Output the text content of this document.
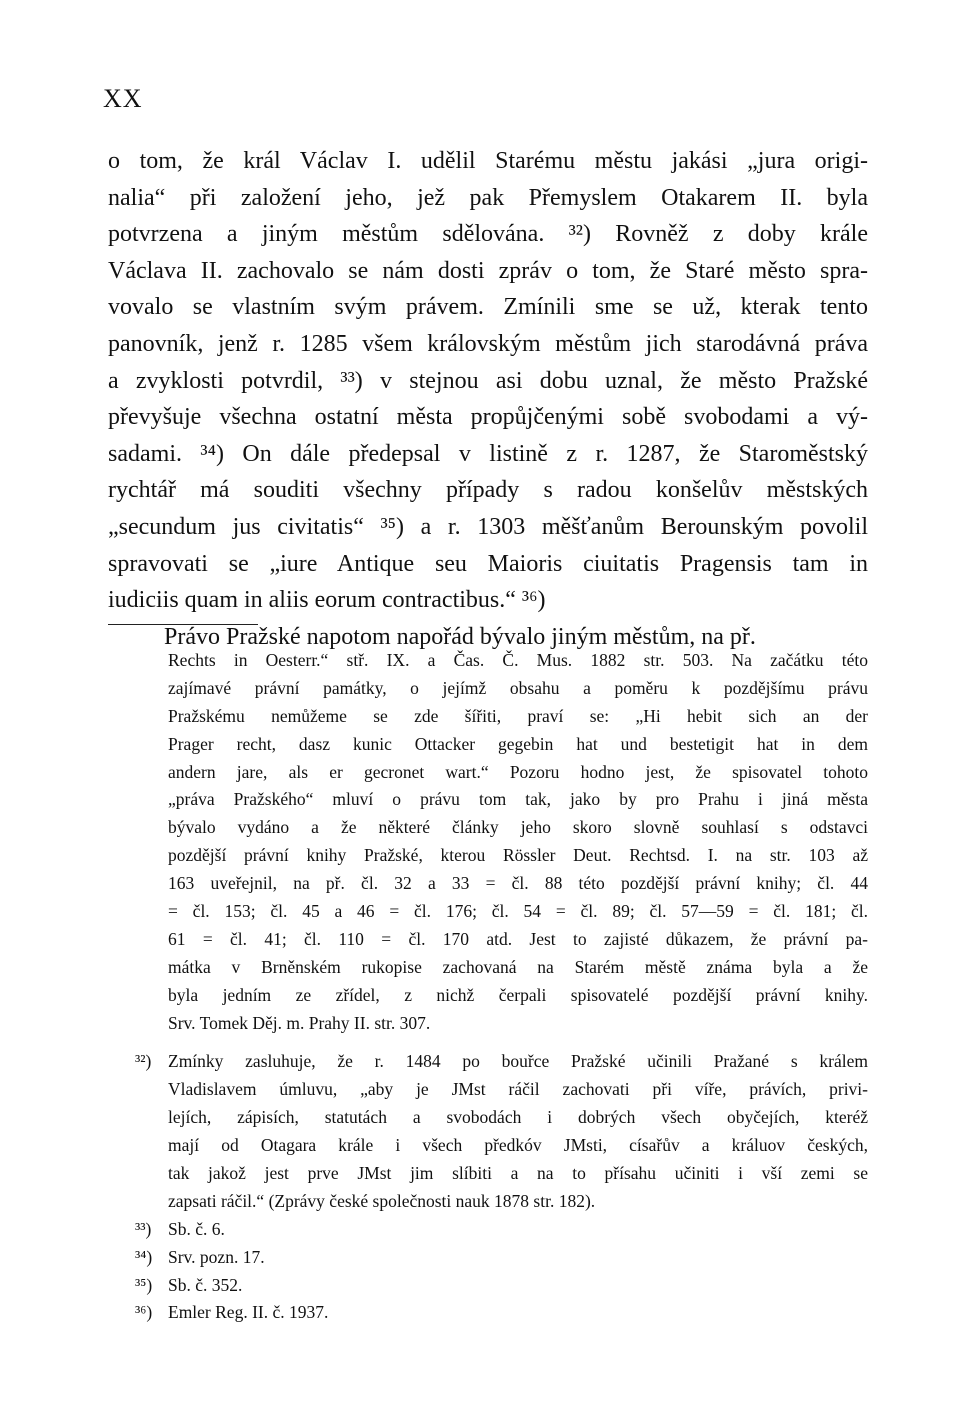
XX
o tom, že král Václav I. udělil Starému městu jakási „jura origi-
nalia“ při založení jeho, jež pak Přemyslem Otakarem II. byla
potvrzena a jiným městům sdělována. ³²) Rovněž z doby krále
Václava II. zachovalo se nám dosti zpráv o tom, že Staré město spra-
vovalo se vlastním svým právem. Zmínili sme se už, kterak tento
panovník, jenž r. 1285 všem královským městům jich starodávná práva
a zvyklosti potvrdil, ³³) v stejnou asi dobu uznal, že město Pražské
převyšuje všechna ostatní města propůjčenými sobě svobodami a vý-
sadami. ³⁴) On dále předepsal v listině z r. 1287, že Staroměstský
rychtář má souditi všechny případy s radou konšelův městských
„secundum jus civitatis“ ³⁵) a r. 1303 měšťanům Berounským povolil
spravovati se „iure Antique seu Maioris ciuitatis Pragensis tam in
iudiciis quam in aliis eorum contractibus.“ ³⁶)
Právo Pražské napotom napořád bývalo jiným městům, na př.
Rechts in Oesterr.“ stř. IX. a Čas. Č. Mus. 1882 str. 503. Na začátku této
zajímavé právní památky, o jejímž obsahu a poměru k pozdějšímu právu
Pražskému nemůžeme se zde šířiti, praví se: „Hi hebit sich an der
Prager recht, dasz kunic Ottacker gegebin hat und bestetigit hat in dem
andern jare, als er gecronet wart.“ Pozoru hodno jest, že spisovatel tohoto
„práva Pražského“ mluví o právu tom tak, jako by pro Prahu i jiná města
bývalo vydáno a že některé články jeho skoro slovně souhlasí s odstavci
pozdější právní knihy Pražské, kterou Rössler Deut. Rechtsd. I. na str. 103 až
163 uveřejnil, na př. čl. 32 a 33 = čl. 88 této pozdější právní knihy; čl. 44
= čl. 153; čl. 45 a 46 = čl. 176; čl. 54 = čl. 89; čl. 57—59 = čl. 181; čl.
61 = čl. 41; čl. 110 = čl. 170 atd. Jest to zajisté důkazem, že právní pa-
mátka v Brněnském rukopise zachovaná na Starém městě známa byla a že
byla jedním ze zřídel, z nichž čerpali spisovatelé pozdější právní knihy.
Srv. Tomek Děj. m. Prahy II. str. 307.
³²) Zmínky zasluhuje, že r. 1484 po bouřce Pražské učinili Pražané s králem
Vladislavem úmluvu, „aby je JMst ráčil zachovati při víře, právích, privi-
lejích, zápisích, statutách a svobodách i dobrých všech obyčejích, kteréž
mají od Otagara krále i všech předkóv JMsti, císařův a králuov českých,
tak jakož jest prve JMst jim slíbiti a na to přísahu učiniti i vší zemi se
zapsati ráčil.“ (Zprávy české společnosti nauk 1878 str. 182).
³³) Sb. č. 6.
³⁴) Srv. pozn. 17.
³⁵) Sb. č. 352.
³⁶) Emler Reg. II. č. 1937.
